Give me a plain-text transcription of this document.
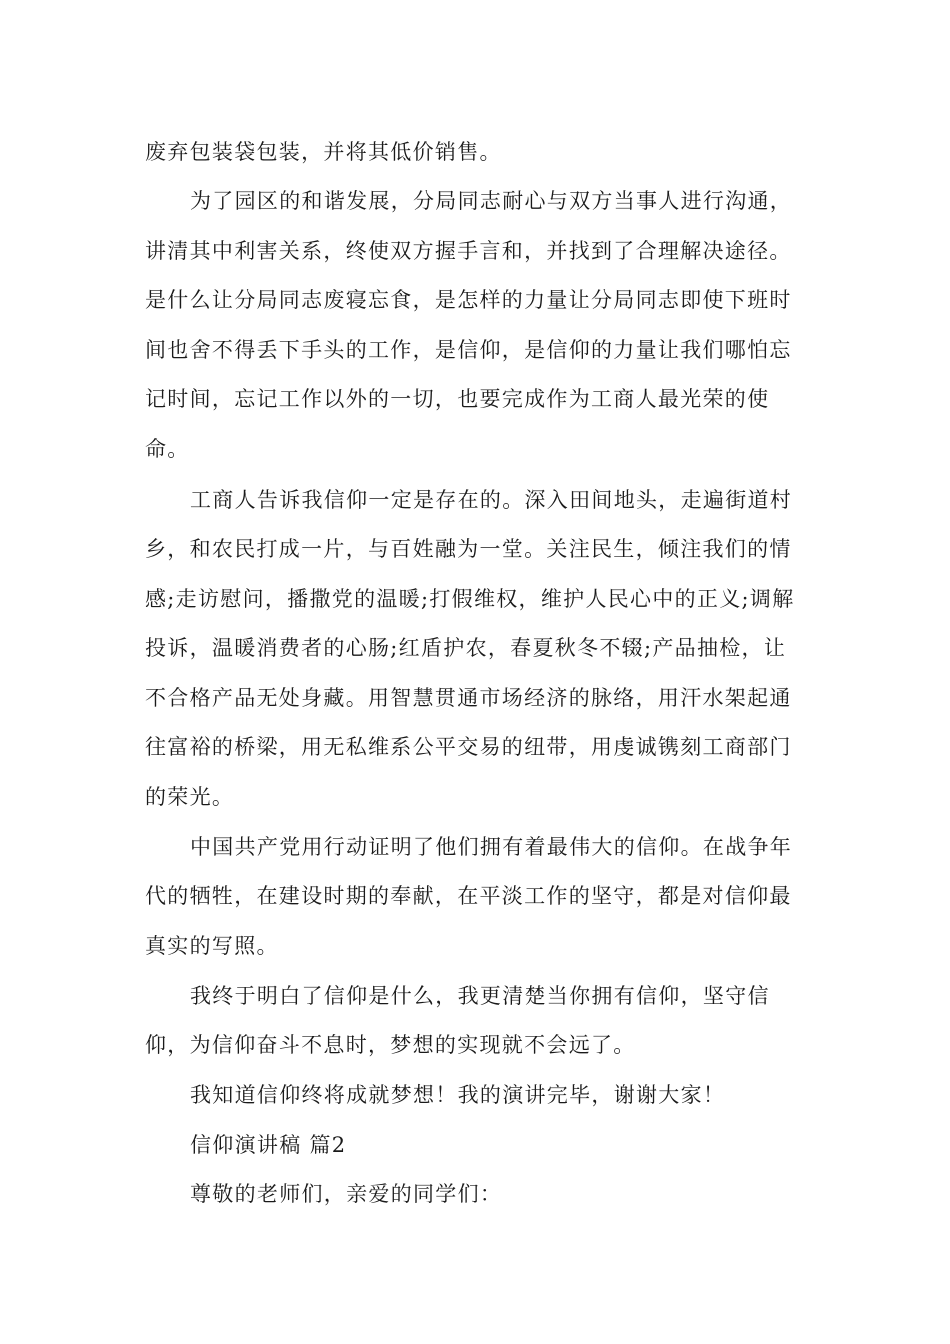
废弃包装袋包装，并将其低价销售。
为了园区的和谐发展，分局同志耐心与双方当事人进行沟通，
讲清其中利害关系，终使双方握手言和，并找到了合理解决途径。
是什么让分局同志废寝忘食，是怎样的力量让分局同志即使下班时
间也舍不得丢下手头的工作，是信仰，是信仰的力量让我们哪怕忘
记时间，忘记工作以外的一切，也要完成作为工商人最光荣的使
命。
工商人告诉我信仰一定是存在的。深入田间地头，走遍街道村
乡，和农民打成一片，与百姓融为一堂。关注民生，倾注我们的情
感;走访慰问，播撒党的温暖;打假维权，维护人民心中的正义;调解
投诉，温暖消费者的心肠;红盾护农，春夏秋冬不辍;产品抽检，让
不合格产品无处身藏。用智慧贯通市场经济的脉络，用汗水架起通
往富裕的桥梁，用无私维系公平交易的纽带，用虔诚镌刻工商部门
的荣光。
中国共产党用行动证明了他们拥有着最伟大的信仰。在战争年
代的牺牲，在建设时期的奉献，在平淡工作的坚守，都是对信仰最
真实的写照。
我终于明白了信仰是什么，我更清楚当你拥有信仰，坚守信
仰，为信仰奋斗不息时，梦想的实现就不会远了。
我知道信仰终将成就梦想！我的演讲完毕，谢谢大家！
信仰演讲稿 篇2
尊敬的老师们，亲爱的同学们：
